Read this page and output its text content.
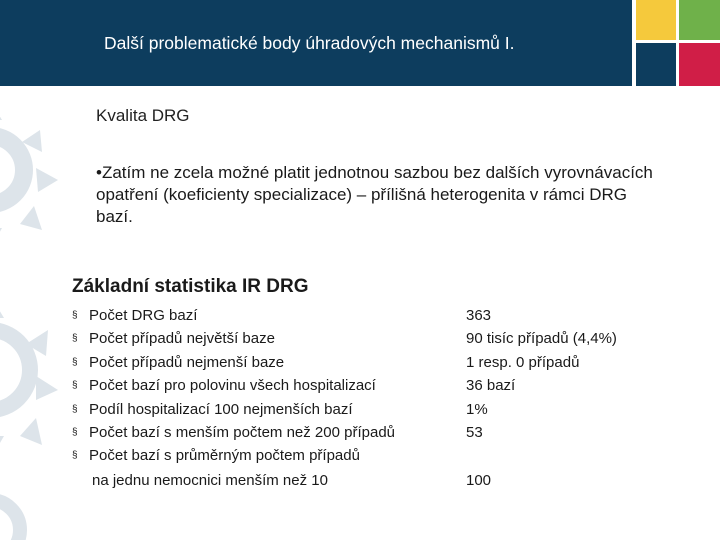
Další problematické body úhradových mechanismů I.
Kvalita DRG
•Zatím ne zcela možné platit jednotnou sazbou bez dalších vyrovnávacích opatření (koeficienty specializace) – přílišná heterogenita v rámci DRG bazí.
Základní statistika IR DRG
§ Počet DRG bazí	363
§ Počet případů největší baze	90 tisíc případů (4,4%)
§ Počet případů nejmenší baze	1 resp. 0 případů
§ Počet bazí pro polovinu všech hospitalizací	36 bazí
§ Podíl hospitalizací 100 nejmenších bazí	1%
§ Počet bazí s menším počtem než 200 případů	53
§ Počet bazí s průměrným počtem případů
na jednu nemocnici menším než 10	100
